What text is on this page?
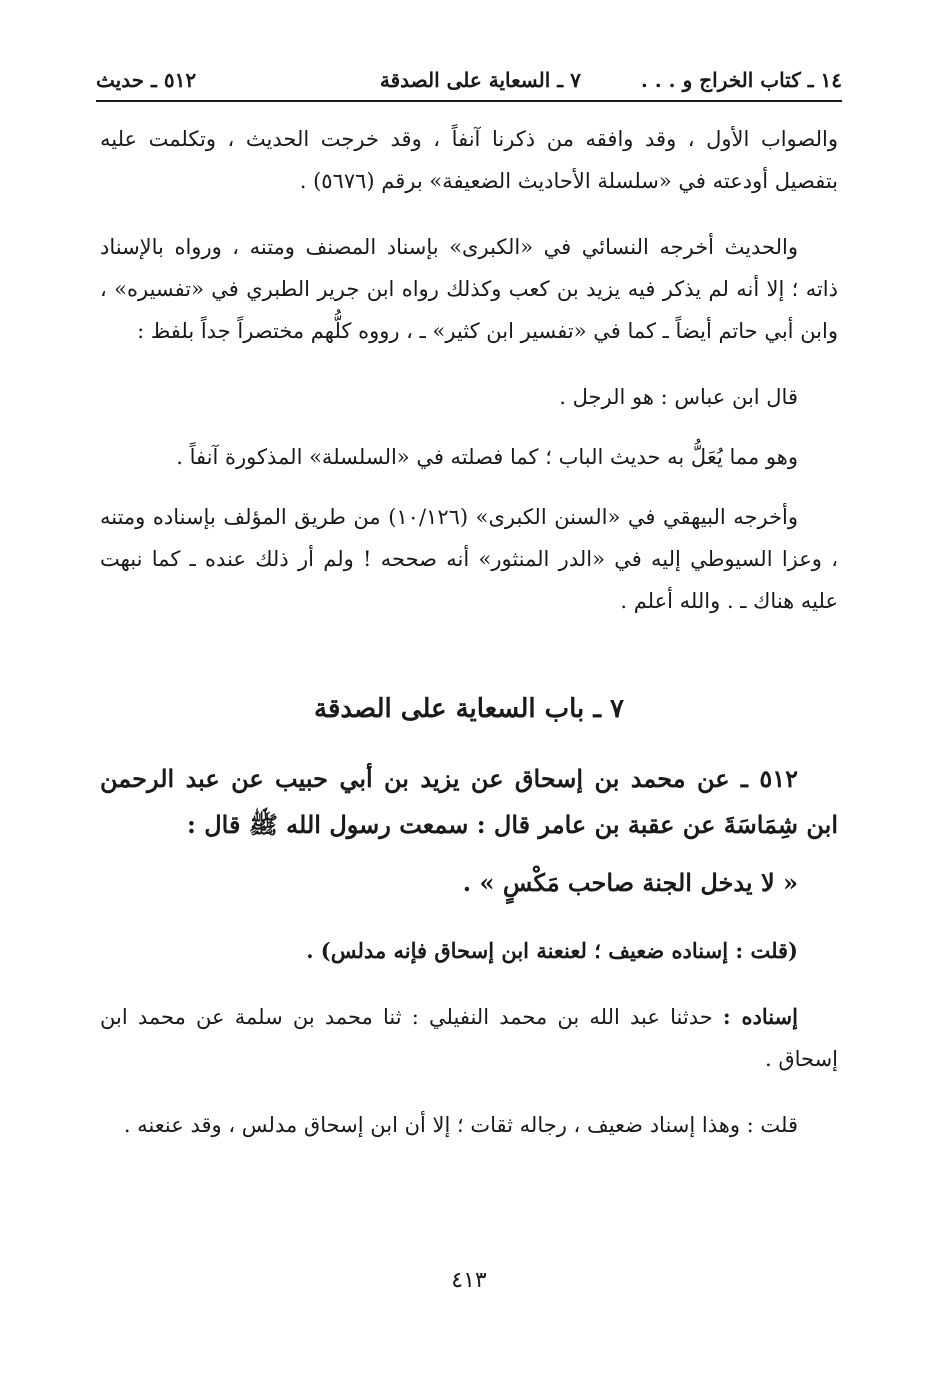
١٤ ـ كتاب الخراج و . . .
٧ ـ السعاية على الصدقة
٥١٢ ـ حديث

والصواب الأول ، وقد وافقه من ذكرنا آنفاً ، وقد خرجت الحديث ، وتكلمت عليه بتفصيل أودعته في «سلسلة الأحاديث الضعيفة» برقم (٥٦٧٦) .

والحديث أخرجه النسائي في «الكبرى» بإسناد المصنف ومتنه ، ورواه بالإسناد ذاته ؛ إلا أنه لم يذكر فيه يزيد بن كعب وكذلك رواه ابن جرير الطبري في «تفسيره» ، وابن أبي حاتم أيضاً ـ كما في «تفسير ابن كثير» ـ ، رووه كلُّهم مختصراً جداً بلفظ :

قال ابن عباس : هو الرجل .

وهو مما يُعَلُّ به حديث الباب ؛ كما فصلته في «السلسلة» المذكورة آنفاً .

وأخرجه البيهقي في «السنن الكبرى» (١٠/١٢٦) من طريق المؤلف بإسناده ومتنه ، وعزا السيوطي إليه في «الدر المنثور» أنه صححه ! ولم أر ذلك عنده ـ كما نبهت عليه هناك ـ . والله أعلم .

٧ ـ باب السعاية على الصدقة

٥١٢ ـ عن محمد بن إسحاق عن يزيد بن أبي حبيب عن عبد الرحمن ابن شِمَاسَةَ عن عقبة بن عامر قال : سمعت رسول الله ﷺ قال :

« لا يدخل الجنة صاحب مَكْسٍ » .

(قلت : إسناده ضعيف ؛ لعنعنة ابن إسحاق فإنه مدلس) .

إسناده : حدثنا عبد الله بن محمد النفيلي : ثنا محمد بن سلمة عن محمد ابن إسحاق .

قلت : وهذا إسناد ضعيف ، رجاله ثقات ؛ إلا أن ابن إسحاق مدلس ، وقد عنعنه .

٤١٣
